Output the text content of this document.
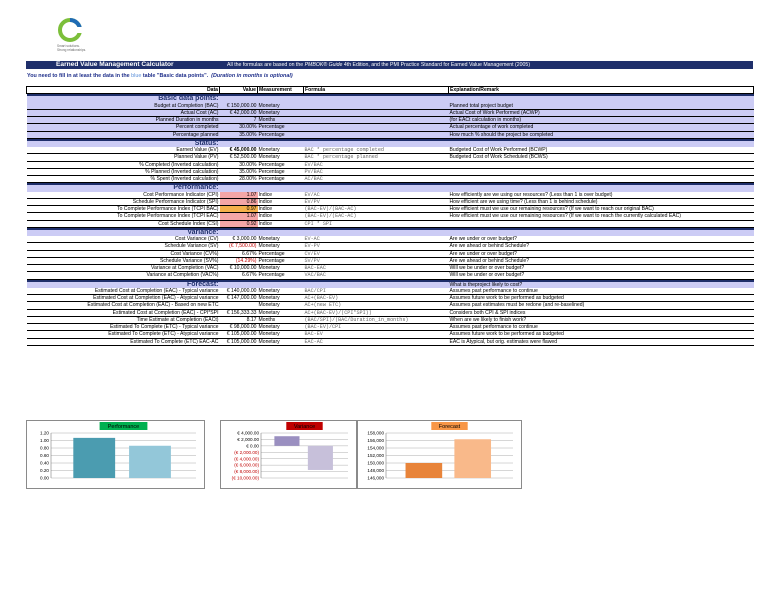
Smart solutions.
Strong relationships.
Earned Value Management Calculator	All the formulas are based on the PMBOK® Guide 4th Edition, and the PMI Practice Standard for Earned Value Management (2005)
You need to fill in at least the data in the blue table "Basic data points". (Duration in months is optional)
Data	Value	Measurement	Formula	Explanation/Remark

Basic data points:				
Budget at Completion (BAC)	€ 150,000.00	Monetary		Planned total project budget
Actual Cost (AC)	€ 42,000.00	Monetary		Actual Cost of Work Performed (ACWP)
Planned Duration in months	7	Months		(for EACt calculation in months)
Percent completed	30.00%	Percentage		Actual percentage of work completed
Percentage planned	35.00%	Percentage		How much % should the project be completed

Status:				
Earned Value (EV)	€ 45,000.00	Monetary	BAC * percentage completed	Budgeted Cost of Work Performed (BCWP)
Planned Value (PV)	€ 52,500.00	Monetary	BAC * percentage planned	Budgeted Cost of Work Scheduled (BCWS)
% Completed (Inverted calculation)	30.00%	Percentage	EV/BAC	
% Planned (Inverted calculation)	35.00%	Percentage	PV/BAC	
% Spent (Inverted calculation)	28.00%	Percentage	AC/BAC	

Performance:				
Cost Performance Indicator (CPI)	1.07	Indice	EV/AC	How efficiently are we using our resources? (Less than 1 is over budget)
Schedule Performance Indicator (SPI)	0.86	Indice	EV/PV	How efficient are we using time? (Less than 1 is behind schedule)
To Complete Performance Index (TCPI BAC)	0.97	Indice	(BAC-EV)/(BAC-AC)	How efficient must we use our remaining resources? (If we want to reach our original BAC)
To Complete Performance Index (TCPI EAC)	1.07	Indice	(BAC-EV)/(EAC-AC)	How efficient must we use our remaining resources? (If we want to reach the currently calculated EAC)
Cost Schedule Index (CSI)	0.92	Indice	CPI * SPI	

Variance:				
Cost Variance (CV)	€ 3,000.00	Monetary	EV-AC	Are we under or over budget?
Schedule Variance (SV)	(€ 7,500.00)	Monetary	EV-PV	Are we ahead or behind Schedule?
Cost Variance (CV%)	6.67%	Percentage	CV/EV	Are we under or over budget?
Schedule Variance (SV%)	(14.29%)	Percentage	SV/PV	Are we ahead or behind Schedule?
Variance at Completion (VAC)	€ 10,000.00	Monetary	BAC-EAC	Will we be under or over budget?
Variance at Completion (VAC%)	6.67%	Percentage	VAC/BAC	Will we be under or over budget?

Forecast:				What is theproject likely to cost?
Estimated Cost at Completion (EAC) - Typical variance	€ 140,000.00	Monetary	BAC/CPI	Assumes past performance to continue
Estimated Cost at Completion (EAC) - Atypical variance	€ 147,000.00	Monetary	AC+(BAC-EV)	Assumes future work to be performed as budgeted
Estimated Cost at Completion (EAC) - Based on new ETC		Monetary	AC+(new ETC)	Assumes past estimates must be redone (and re-baselined)
Estimated Cost at Completion (EAC) - CPI*SPI	€ 156,333.33	Monetary	AC+(BAC-EV)/(CPI*SPI))	Considers both CPI & SPI indices
Time Estimate at Completion (EACt)	8.17	Months	(BAC/SPI)/(BAC/Duration_in_months)	When are we likely to finish work?
Estimated To Complete (ETC) - Typical variance	€ 98,000.00	Monetary	(BAC-EV)/CPI	Assumes past performance to continue
Estimated To Complete (ETC) - Atypical variance	€ 105,000.00	Monetary	BAC-EV	Assumes future work to be performed as budgeted
Estimated To Complete (ETC) EAC-AC	€ 105,000.00	Monetary	EAC-AC	EAC is Atypical, but orig. estimates were flawed
Performance
1.20
1.00
0.80
0.60
0.40
0.20
0.00
Variance
€ 4,000.00
€ 2,000.00
€ 0.00
(€ 2,000.00)
(€ 4,000.00)
(€ 6,000.00)
(€ 8,000.00)
(€ 10,000.00)
Forecast
158,000
156,000
154,000
152,000
150,000
148,000
146,000
